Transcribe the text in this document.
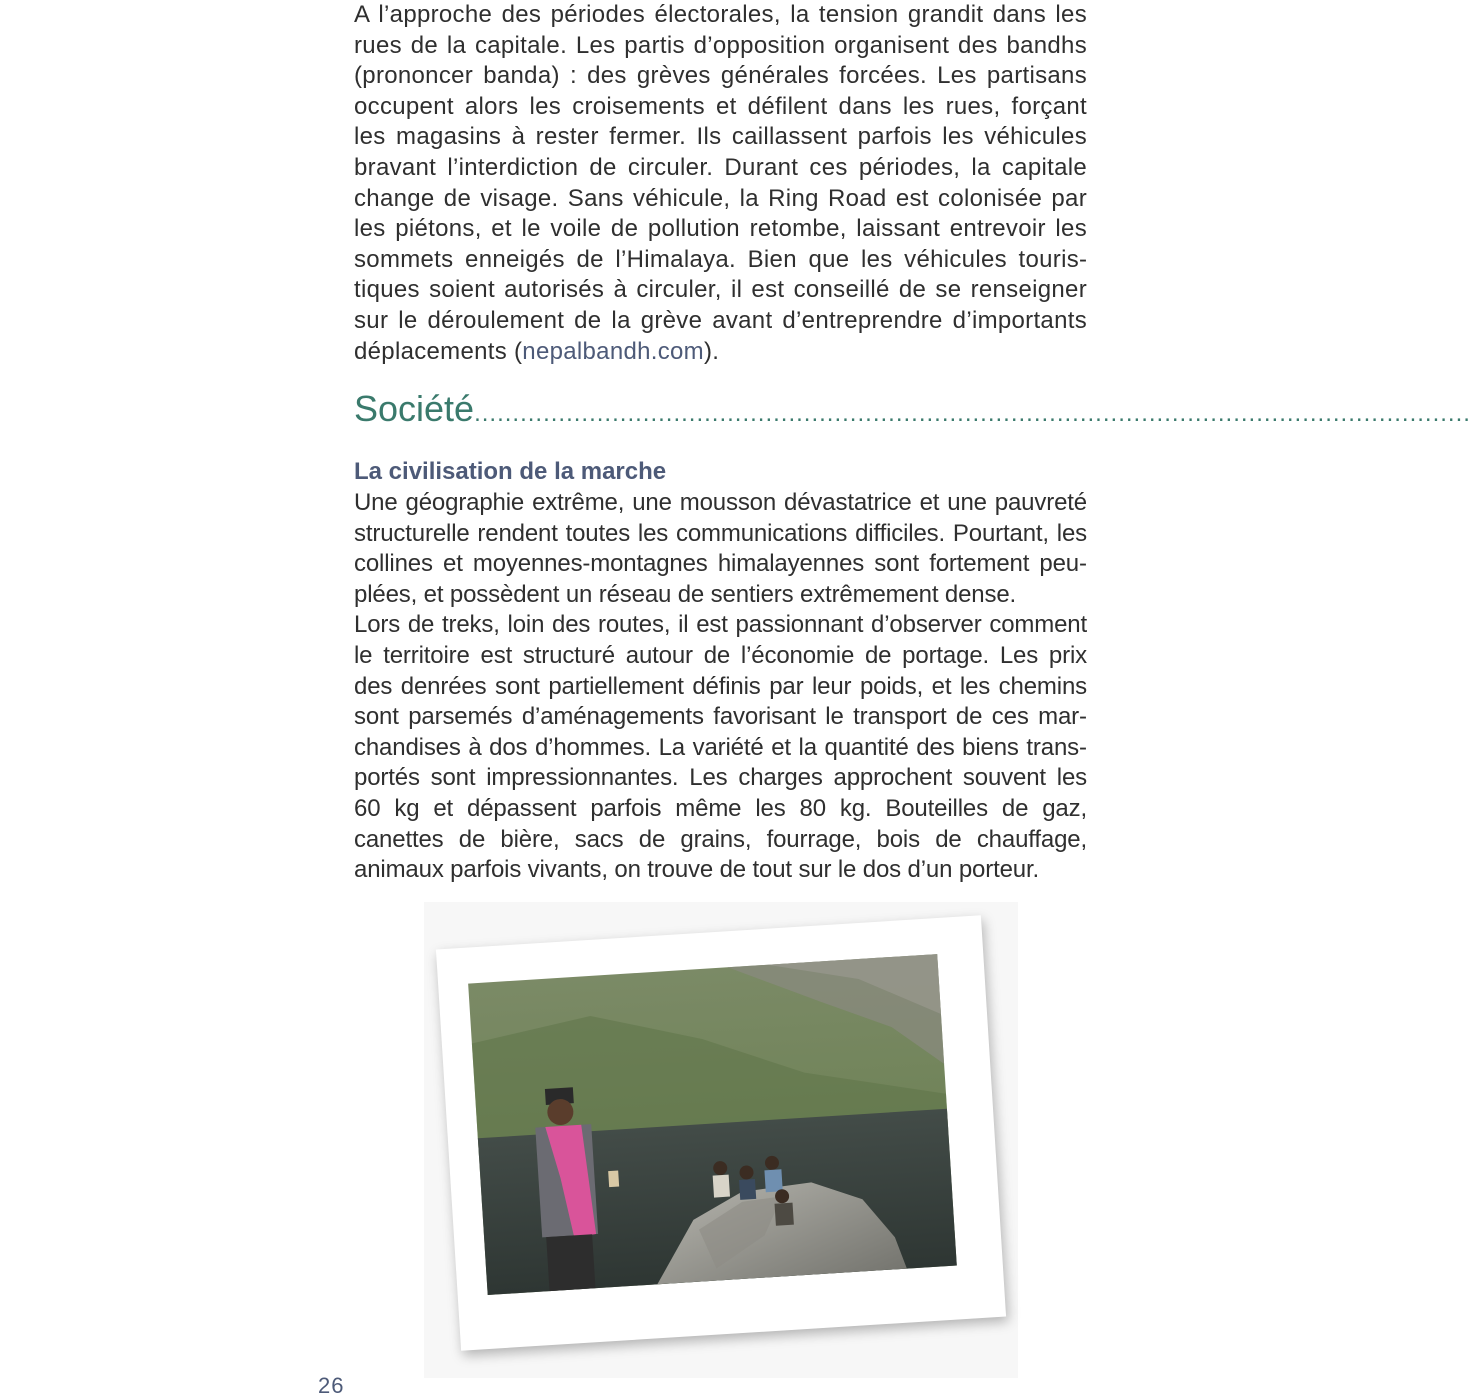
A l’approche des périodes électorales, la tension grandit dans les rues de la capitale. Les partis d’opposition organisent des bandhs (prononcer banda) : des grèves générales forcées. Les partisans occupent alors les croisements et défilent dans les rues, forçant les magasins à rester fermer. Ils caillassent parfois les véhicules bravant l’interdiction de circuler. Durant ces périodes, la capitale change de visage. Sans véhicule, la Ring Road est colonisée par les piétons, et le voile de pollution retombe, laissant entrevoir les sommets enneigés de l’Himalaya. Bien que les véhicules touristiques soient autorisés à circuler, il est conseillé de se renseigner sur le déroulement de la grève avant d’entreprendre d’importants déplacements (nepalbandh.com).

Société ..................................................................................................................................
La civilisation de la marche

Une géographie extrême, une mousson dévastatrice et une pauvreté structurelle rendent toutes les communications difficiles. Pourtant, les collines et moyennes-montagnes himalayennes sont fortement peuplées, et possèdent un réseau de sentiers extrêmement dense.

Lors de treks, loin des routes, il est passionnant d’observer comment le territoire est structuré autour de l’économie de portage. Les prix des denrées sont partiellement définis par leur poids, et les chemins sont parsemés d’aménagements favorisant le transport de ces marchandises à dos d’hommes. La variété et la quantité des biens transportés sont impressionnantes. Les charges approchent souvent les 60 kg et dépassent parfois même les 80 kg. Bouteilles de gaz, canettes de bière, sacs de grains, fourrage, bois de chauffage, animaux parfois vivants, on trouve de tout sur le dos d’un porteur.

26
